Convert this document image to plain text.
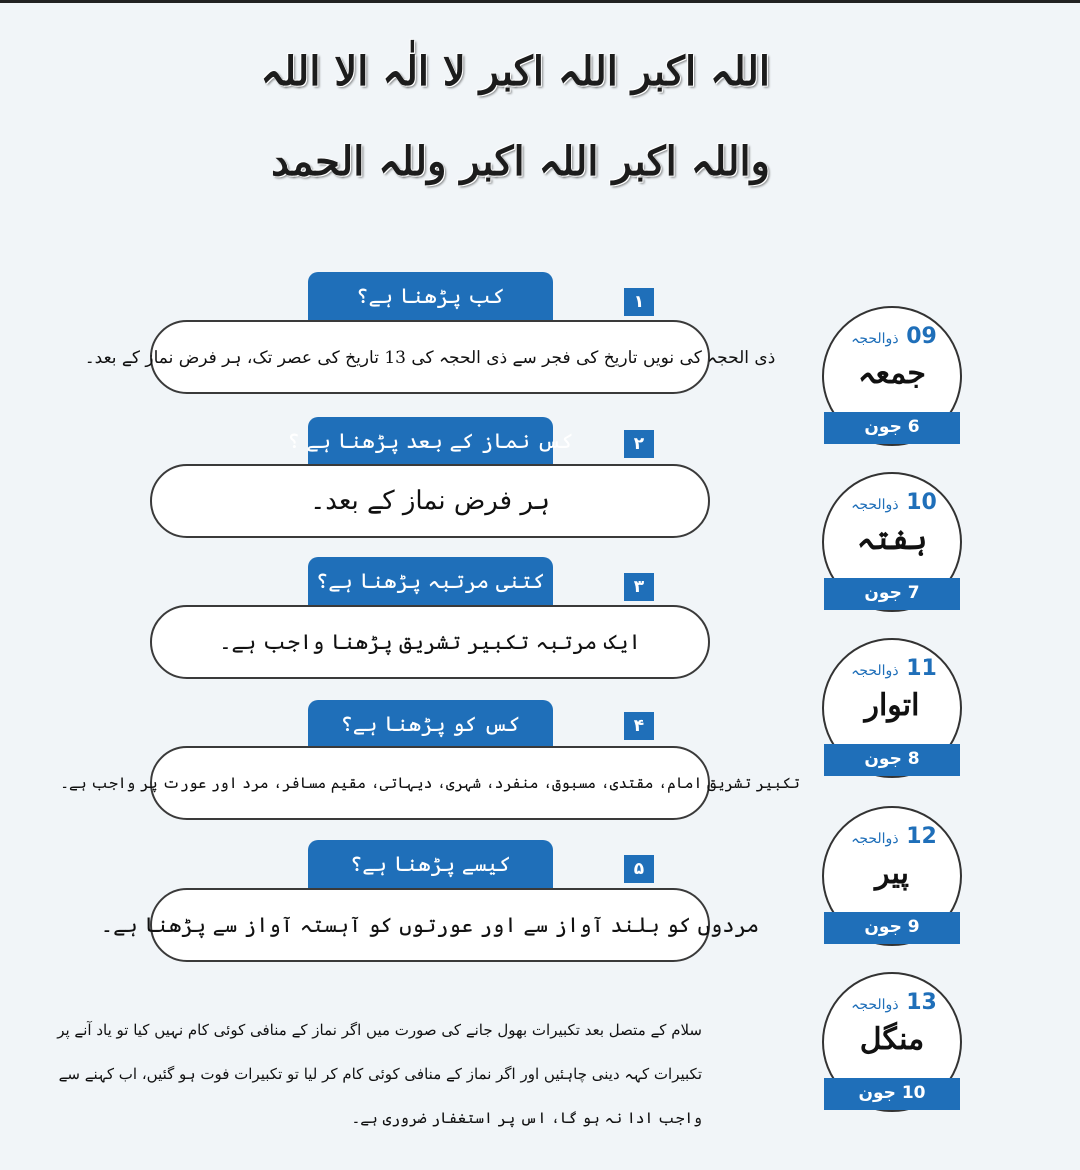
اللہ اکبر اللہ اکبر لا الٰہ الا اللہ
واللہ اکبر اللہ اکبر وللہ الحمد
کب پڑھنا ہے؟	۱
ذی الحجہ کی نویں تاریخ کی فجر سے ذی الحجہ کی 13 تاریخ کی عصر تک، ہر فرض نماز کے بعد۔
کس نماز کے بعد پڑھنا ہے ؟	۲
ہر فرض نماز کے بعد۔
کتنی مرتبہ پڑھنا ہے؟	۳
ایک مرتبہ تکبیر تشریق پڑھنا واجب ہے۔
کس کو پڑھنا ہے؟	۴
تکبیر تشریق امام، مقتدی، مسبوق، منفرد، شہری، دیہاتی، مقیم مسافر، مرد اور عورت پر واجب ہے۔
کیسے پڑھنا ہے؟	۵
مردوں کو بلند آواز سے اور عورتوں کو آہستہ آواز سے پڑھنا ہے۔
09 ذوالحجہ
جمعہ
6 جون
10 ذوالحجہ
ہفتہ
7 جون
11 ذوالحجہ
اتوار
8 جون
12 ذوالحجہ
پیر
9 جون
13 ذوالحجہ
منگل
10 جون
سلام کے متصل بعد تکبیرات بھول جانے کی صورت میں اگر نماز کے منافی کوئی کام نہیں کیا تو یاد آنے پر
تکبیرات کہہ دینی چاہئیں اور اگر نماز کے منافی کوئی کام کر لیا تو تکبیرات فوت ہو گئیں، اب کہنے سے
واجب ادا نہ ہو گا، اس پر استغفار ضروری ہے۔
